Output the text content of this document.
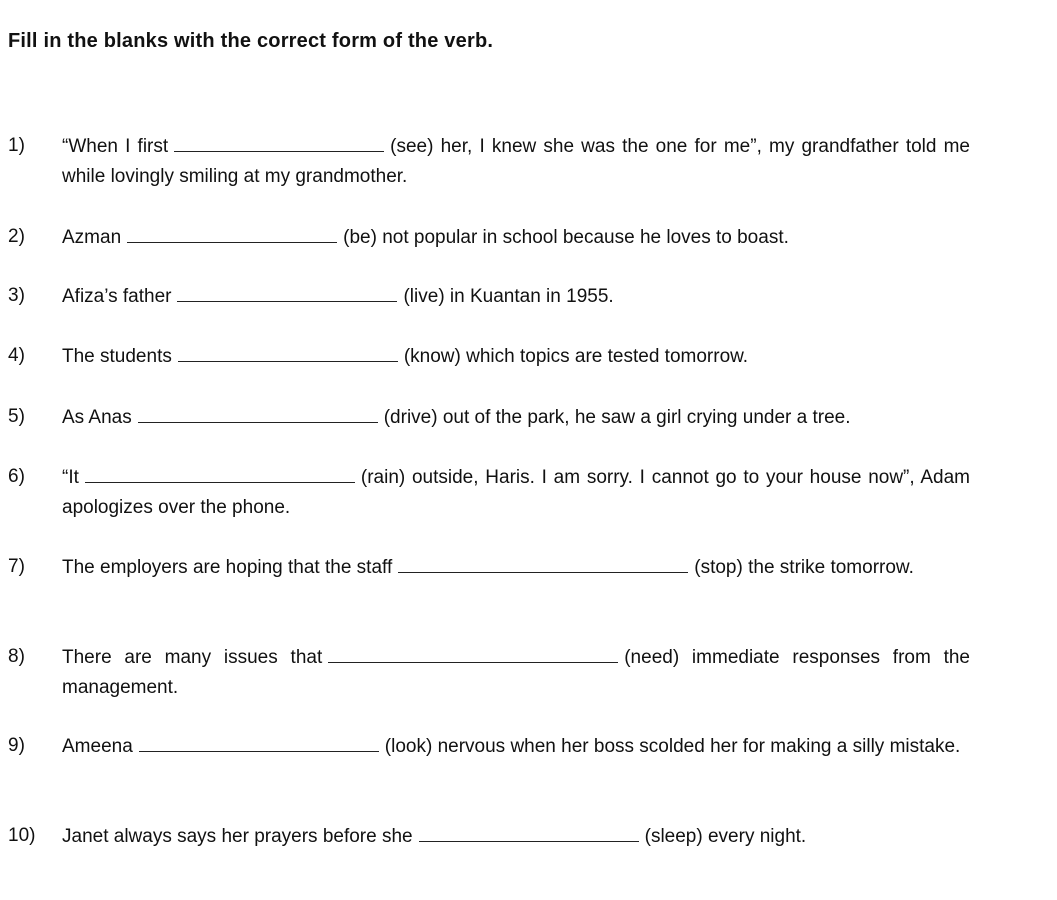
Fill in the blanks with the correct form of the verb.
1)	“When I first	(see) her, I knew she was the one for me”, my grandfather told me while lovingly smiling at my grandmother.
2)	Azman	(be) not popular in school because he loves to boast.
3)	Afiza’s father	(live) in Kuantan in 1955.
4)	The students	(know) which topics are tested tomorrow.
5)	As Anas	(drive) out of the park, he saw a girl crying under a tree.
6)	“It	(rain) outside, Haris. I am sorry. I cannot go to your house now”, Adam apologizes over the phone.
7)	The employers are hoping that the staff	(stop) the strike tomorrow.
8)	There are many issues that	(need) immediate responses from the management.
9)	Ameena	(look) nervous when her boss scolded her for making a silly mistake.
10)	Janet always says her prayers before she	(sleep) every night.
